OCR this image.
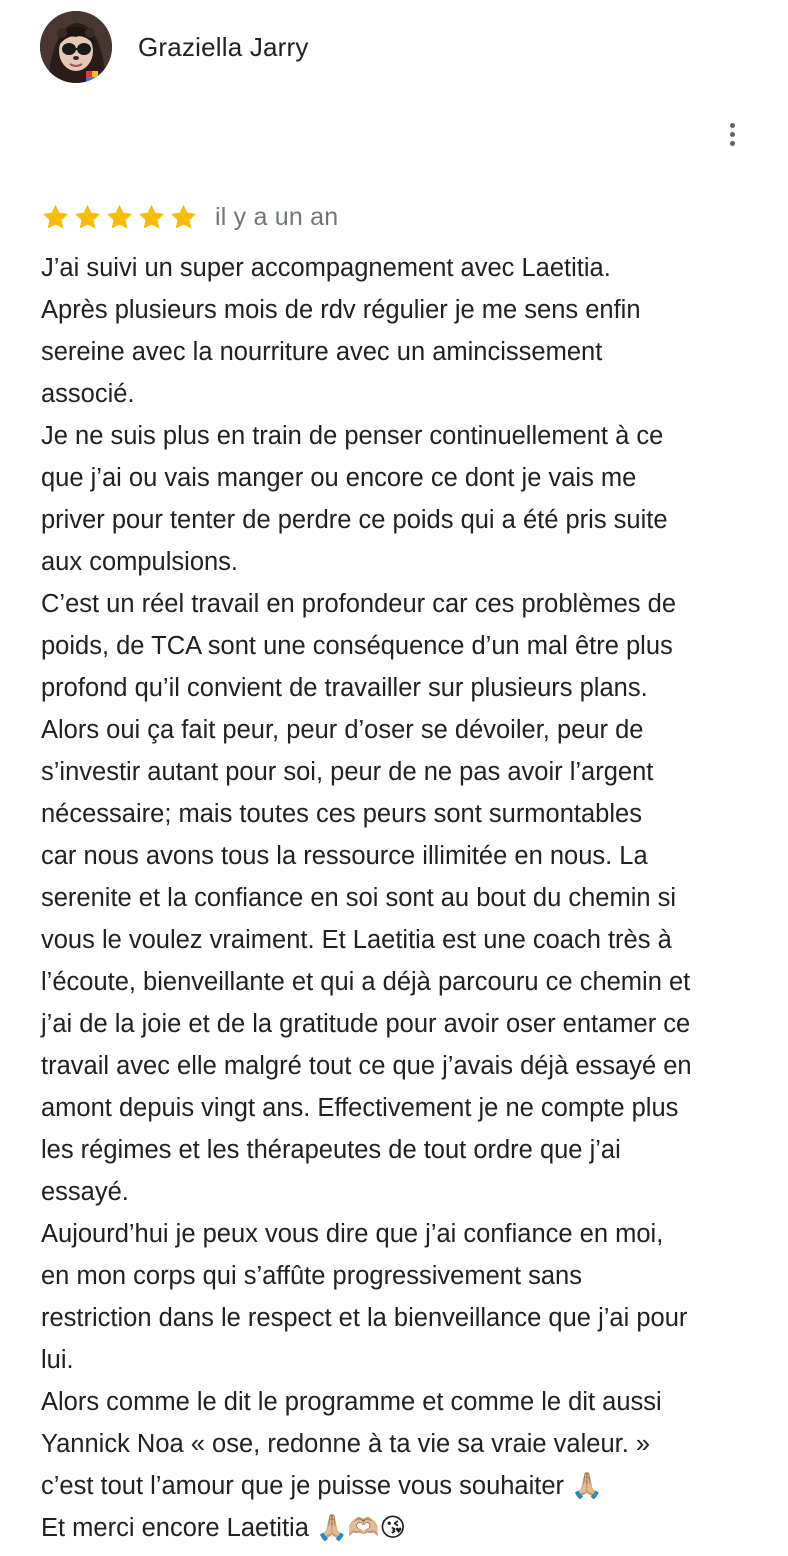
Graziella Jarry
il y a un an
J’ai suivi un super accompagnement avec Laetitia.
Après plusieurs mois de rdv régulier je me sens enfin
sereine avec la nourriture avec un amincissement
associé.
Je ne suis plus en train de penser continuellement à ce
que j’ai ou vais manger ou encore ce dont je vais me
priver pour tenter de perdre ce poids qui a été pris suite
aux compulsions.
C’est un réel travail en profondeur car ces problèmes de
poids, de TCA sont une conséquence d’un mal être plus
profond qu’il convient de travailler sur plusieurs plans.
Alors oui ça fait peur, peur d’oser se dévoiler, peur de
s’investir autant pour soi, peur de ne pas avoir l’argent
nécessaire; mais toutes ces peurs sont surmontables
car nous avons tous la ressource illimitée en nous. La
serenite et la confiance en soi sont au bout du chemin si
vous le voulez vraiment. Et Laetitia est une coach très à
l’écoute, bienveillante et qui a déjà parcouru ce chemin et
j’ai de la joie et de la gratitude pour avoir oser entamer ce
travail avec elle malgré tout ce que j’avais déjà essayé en
amont depuis vingt ans. Effectivement je ne compte plus
les régimes et les thérapeutes de tout ordre que j’ai
essayé.
Aujourd’hui je peux vous dire que j’ai confiance en moi,
en mon corps qui s’affûte progressivement sans
restriction dans le respect et la bienveillance que j’ai pour
lui.
Alors comme le dit le programme et comme le dit aussi
Yannick Noa « ose, redonne à ta vie sa vraie valeur. »
c’est tout l’amour que je puisse vous souhaiter 🙏🏼
Et merci encore Laetitia 🙏🏼🫶🏼😘
